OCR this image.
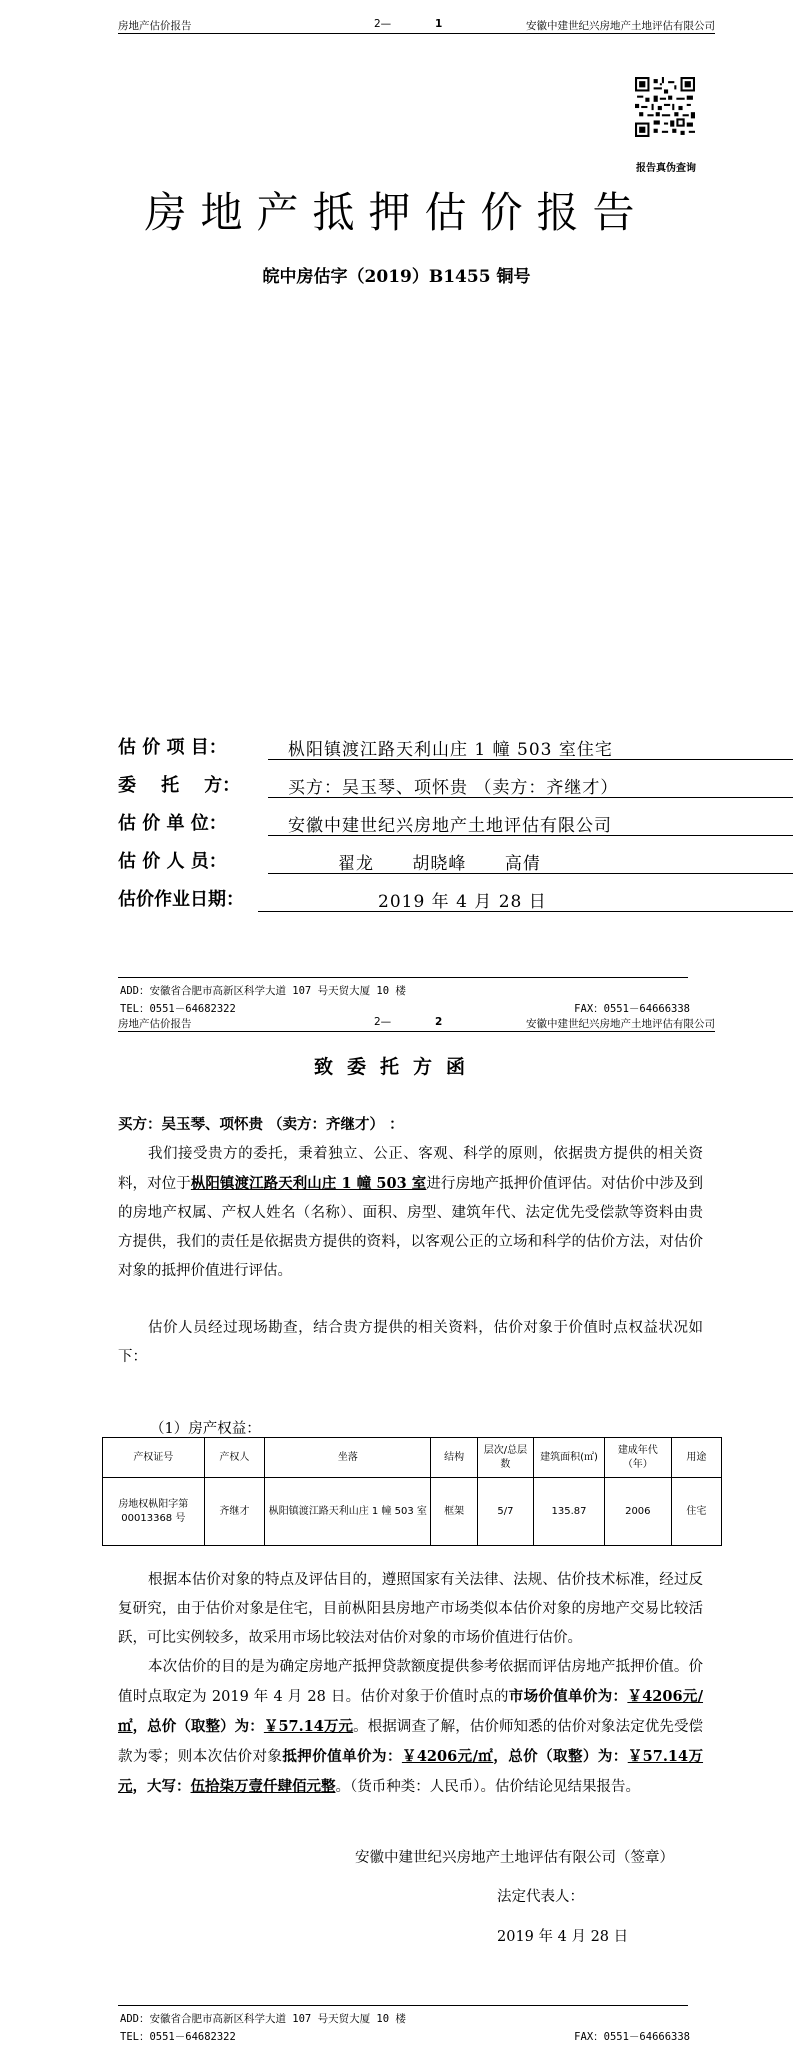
房地产估价报告	2—	1	安徽中建世纪兴房地产土地评估有限公司
报告真伪查询
房地产抵押估价报告
皖中房估字（2019）B1455 铜号
估 价 项 目：	枞阳镇渡江路天利山庄 1 幢 503 室住宅
委    托    方：	买方：吴玉琴、项怀贵 （卖方：齐继才）
估 价 单 位：	安徽中建世纪兴房地产土地评估有限公司
估 价 人 员：	翟龙      胡晓峰      高倩
估价作业日期：	2019 年 4 月 28 日
ADD：安徽省合肥市高新区科学大道 107 号天贸大厦 10 楼
TEL：0551－64682322	FAX：0551－64666338
房地产估价报告	2—	2	安徽中建世纪兴房地产土地评估有限公司
致委托方函
买方：吴玉琴、项怀贵 （卖方：齐继才） ：
我们接受贵方的委托，秉着独立、公正、客观、科学的原则，依据贵方提供的相关资料，对位于枞阳镇渡江路天利山庄 1 幢 503 室进行房地产抵押价值评估。对估价中涉及到的房地产权属、产权人姓名（名称）、面积、房型、建筑年代、法定优先受偿款等资料由贵方提供，我们的责任是依据贵方提供的资料，以客观公正的立场和科学的估价方法，对估价对象的抵押价值进行评估。
估价人员经过现场勘查，结合贵方提供的相关资料，估价对象于价值时点权益状况如下：
（1）房产权益：
产权证号	产权人	坐落	结构	层次/总层数	建筑面积(㎡)	建成年代（年）	用途
房地权枞阳字第 00013368 号	齐继才	枞阳镇渡江路天利山庄 1 幢 503 室	框架	5/7	135.87	2006	住宅
根据本估价对象的特点及评估目的，遵照国家有关法律、法规、估价技术标准，经过反复研究，由于估价对象是住宅，目前枞阳县房地产市场类似本估价对象的房地产交易比较活跃，可比实例较多，故采用市场比较法对估价对象的市场价值进行估价。
本次估价的目的是为确定房地产抵押贷款额度提供参考依据而评估房地产抵押价值。价值时点取定为 2019 年 4 月 28 日。估价对象于价值时点的市场价值单价为：￥4206元/㎡，总价（取整）为：￥57.14万元。根据调查了解，估价师知悉的估价对象法定优先受偿款为零；则本次估价对象抵押价值单价为：￥4206元/㎡，总价（取整）为：￥57.14万元，大写：伍拾柒万壹仟肆佰元整。（货币种类：人民币）。估价结论见结果报告。
安徽中建世纪兴房地产土地评估有限公司（签章）
法定代表人：
2019 年 4 月 28 日
ADD：安徽省合肥市高新区科学大道 107 号天贸大厦 10 楼
TEL：0551－64682322	FAX：0551－64666338
